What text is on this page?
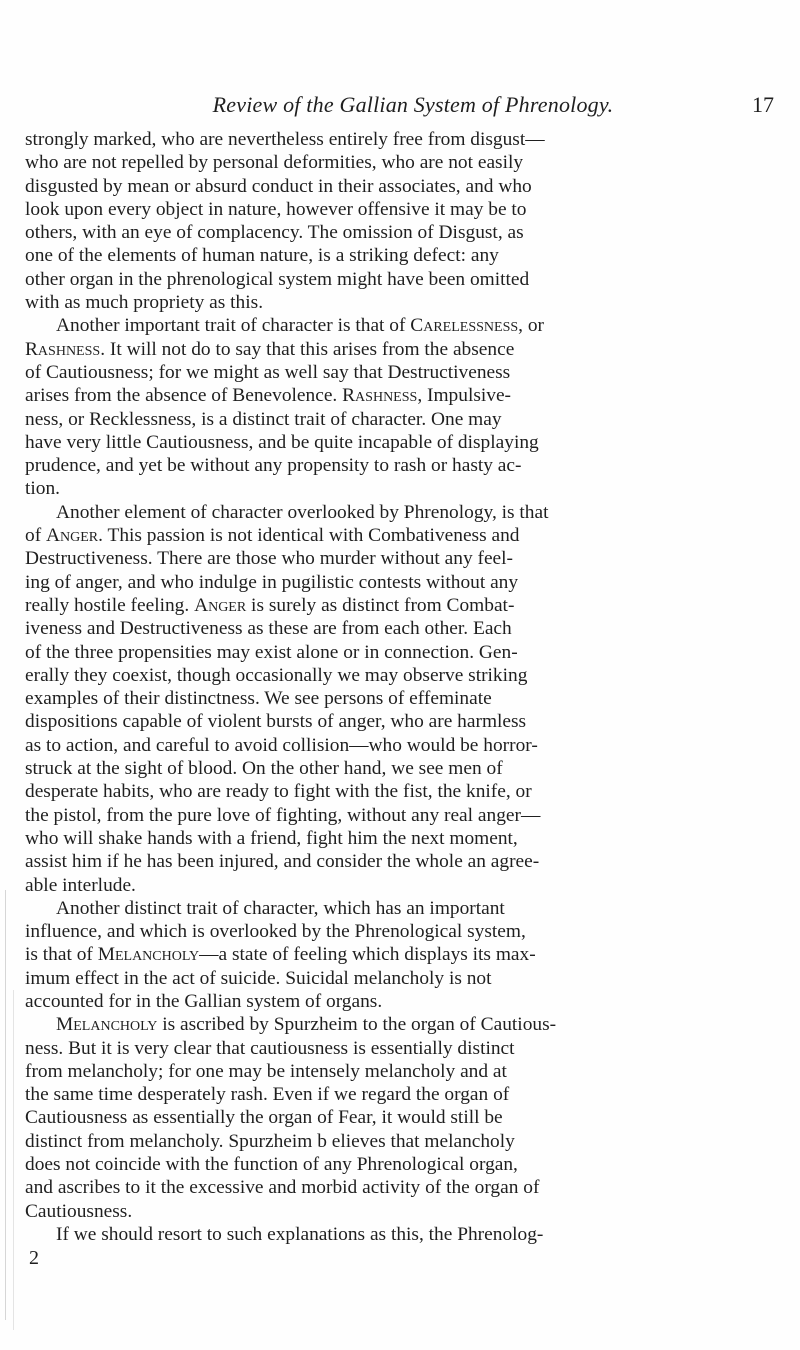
Review of the Gallian System of Phrenology.	17
strongly marked, who are nevertheless entirely free from disgust—
who are not repelled by personal deformities, who are not easily
disgusted by mean or absurd conduct in their associates, and who
look upon every object in nature, however offensive it may be to
others, with an eye of complacency. The omission of Disgust, as
one of the elements of human nature, is a striking defect: any
other organ in the phrenological system might have been omitted
with as much propriety as this.
Another important trait of character is that of Carelessness, or
Rashness. It will not do to say that this arises from the absence
of Cautiousness; for we might as well say that Destructiveness
arises from the absence of Benevolence. Rashness, Impulsive-
ness, or Recklessness, is a distinct trait of character. One may
have very little Cautiousness, and be quite incapable of displaying
prudence, and yet be without any propensity to rash or hasty ac-
tion.
Another element of character overlooked by Phrenology, is that
of Anger. This passion is not identical with Combativeness and
Destructiveness. There are those who murder without any feel-
ing of anger, and who indulge in pugilistic contests without any
really hostile feeling. Anger is surely as distinct from Combat-
iveness and Destructiveness as these are from each other. Each
of the three propensities may exist alone or in connection. Gen-
erally they coexist, though occasionally we may observe striking
examples of their distinctness. We see persons of effeminate
dispositions capable of violent bursts of anger, who are harmless
as to action, and careful to avoid collision—who would be horror-
struck at the sight of blood. On the other hand, we see men of
desperate habits, who are ready to fight with the fist, the knife, or
the pistol, from the pure love of fighting, without any real anger—
who will shake hands with a friend, fight him the next moment,
assist him if he has been injured, and consider the whole an agree-
able interlude.
Another distinct trait of character, which has an important
influence, and which is overlooked by the Phrenological system,
is that of Melancholy—a state of feeling which displays its max-
imum effect in the act of suicide. Suicidal melancholy is not
accounted for in the Gallian system of organs.
Melancholy is ascribed by Spurzheim to the organ of Cautious-
ness. But it is very clear that cautiousness is essentially distinct
from melancholy; for one may be intensely melancholy and at
the same time desperately rash. Even if we regard the organ of
Cautiousness as essentially the organ of Fear, it would still be
distinct from melancholy. Spurzheim b elieves that melancholy
does not coincide with the function of any Phrenological organ,
and ascribes to it the excessive and morbid activity of the organ of
Cautiousness.
If we should resort to such explanations as this, the Phrenolog-
2
